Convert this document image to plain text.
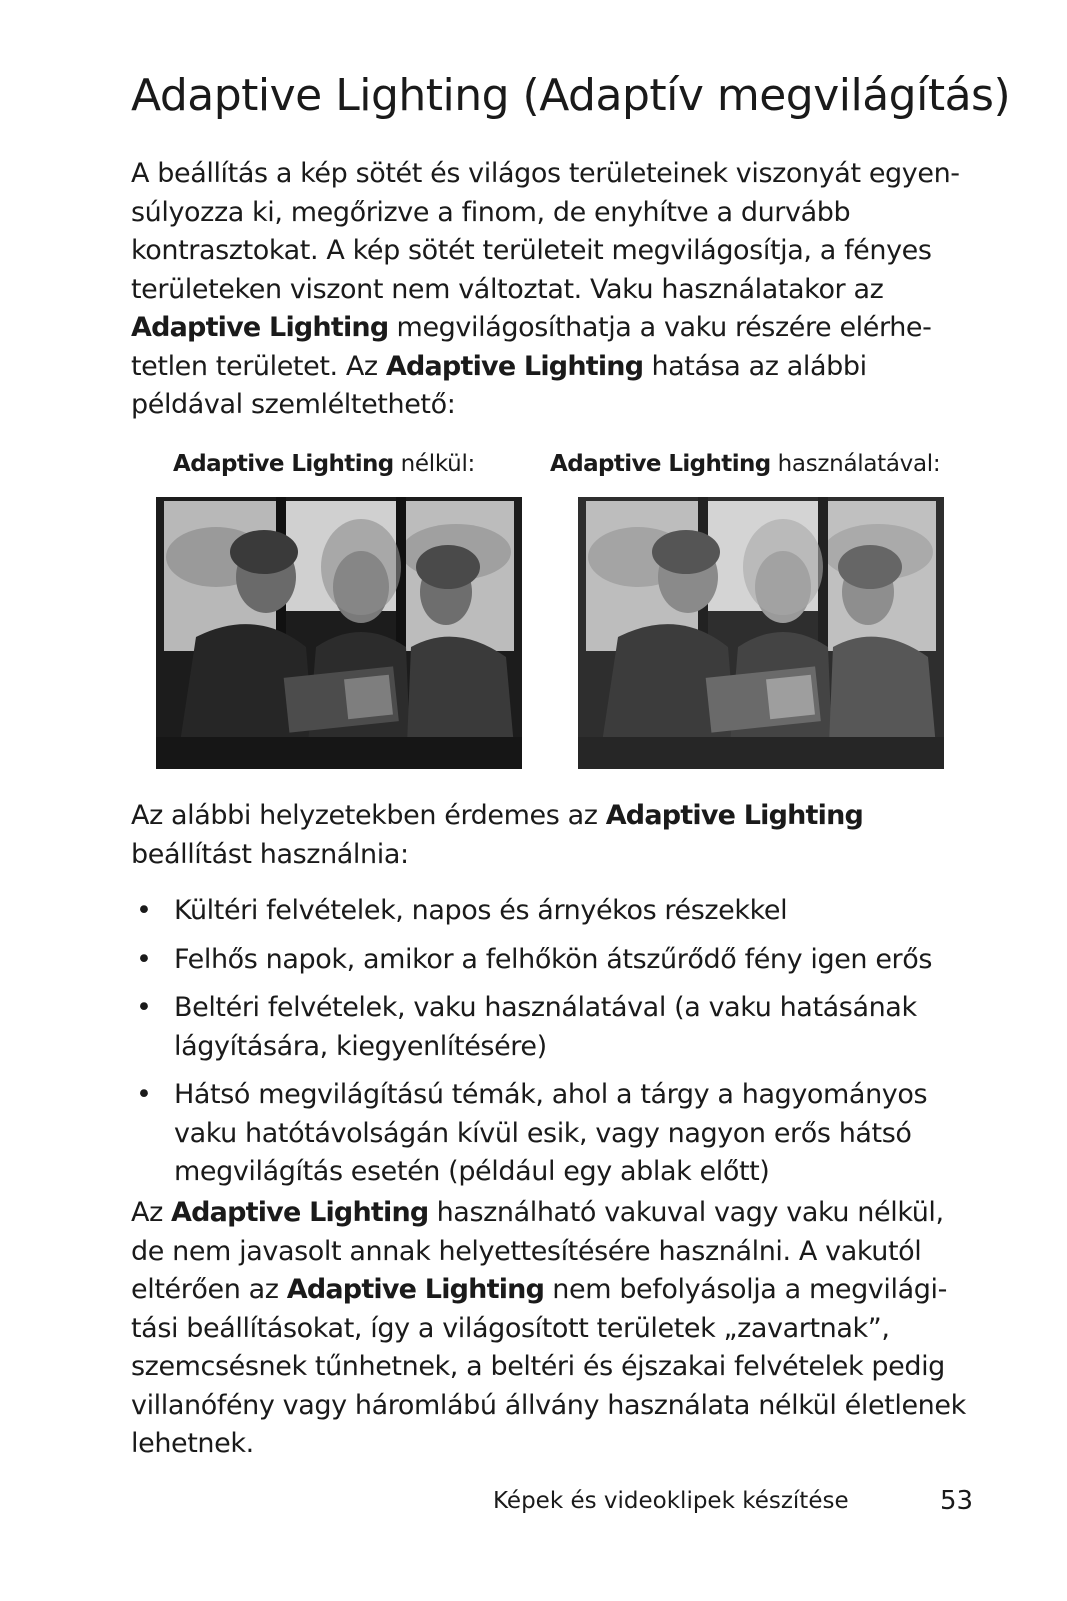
Adaptive Lighting (Adaptív megvilágítás)

A beállítás a kép sötét és világos területeinek viszonyát egyen-súlyozza ki, megőrizve a finom, de enyhítve a durvább kontrasztokat. A kép sötét területeit megvilágosítja, a fényes területeken viszont nem változtat. Vaku használatakor az Adaptive Lighting megvilágosíthatja a vaku részére elérhe-tetlen területet. Az Adaptive Lighting hatása az alábbi példával szemléltethető:

Adaptive Lighting nélkül:	Adaptive Lighting használatával:

Az alábbi helyzetekben érdemes az Adaptive Lighting beállítást használnia:

• Kültéri felvételek, napos és árnyékos részekkel
• Felhős napok, amikor a felhőkön átszűrődő fény igen erős
• Beltéri felvételek, vaku használatával (a vaku hatásának lágyítására, kiegyenlítésére)
• Hátsó megvilágítású témák, ahol a tárgy a hagyományos vaku hatótávolságán kívül esik, vagy nagyon erős hátsó megvilágítás esetén (például egy ablak előtt)

Az Adaptive Lighting használható vakuval vagy vaku nélkül, de nem javasolt annak helyettesítésére használni. A vakutól eltérően az Adaptive Lighting nem befolyásolja a megvilági-tási beállításokat, így a világosított területek „zavartnak”, szemcsésnek tűnhetnek, a beltéri és éjszakai felvételek pedig villanófény vagy háromlábú állvány használata nélkül életlenek lehetnek.

Képek és videoklipek készítése	53
